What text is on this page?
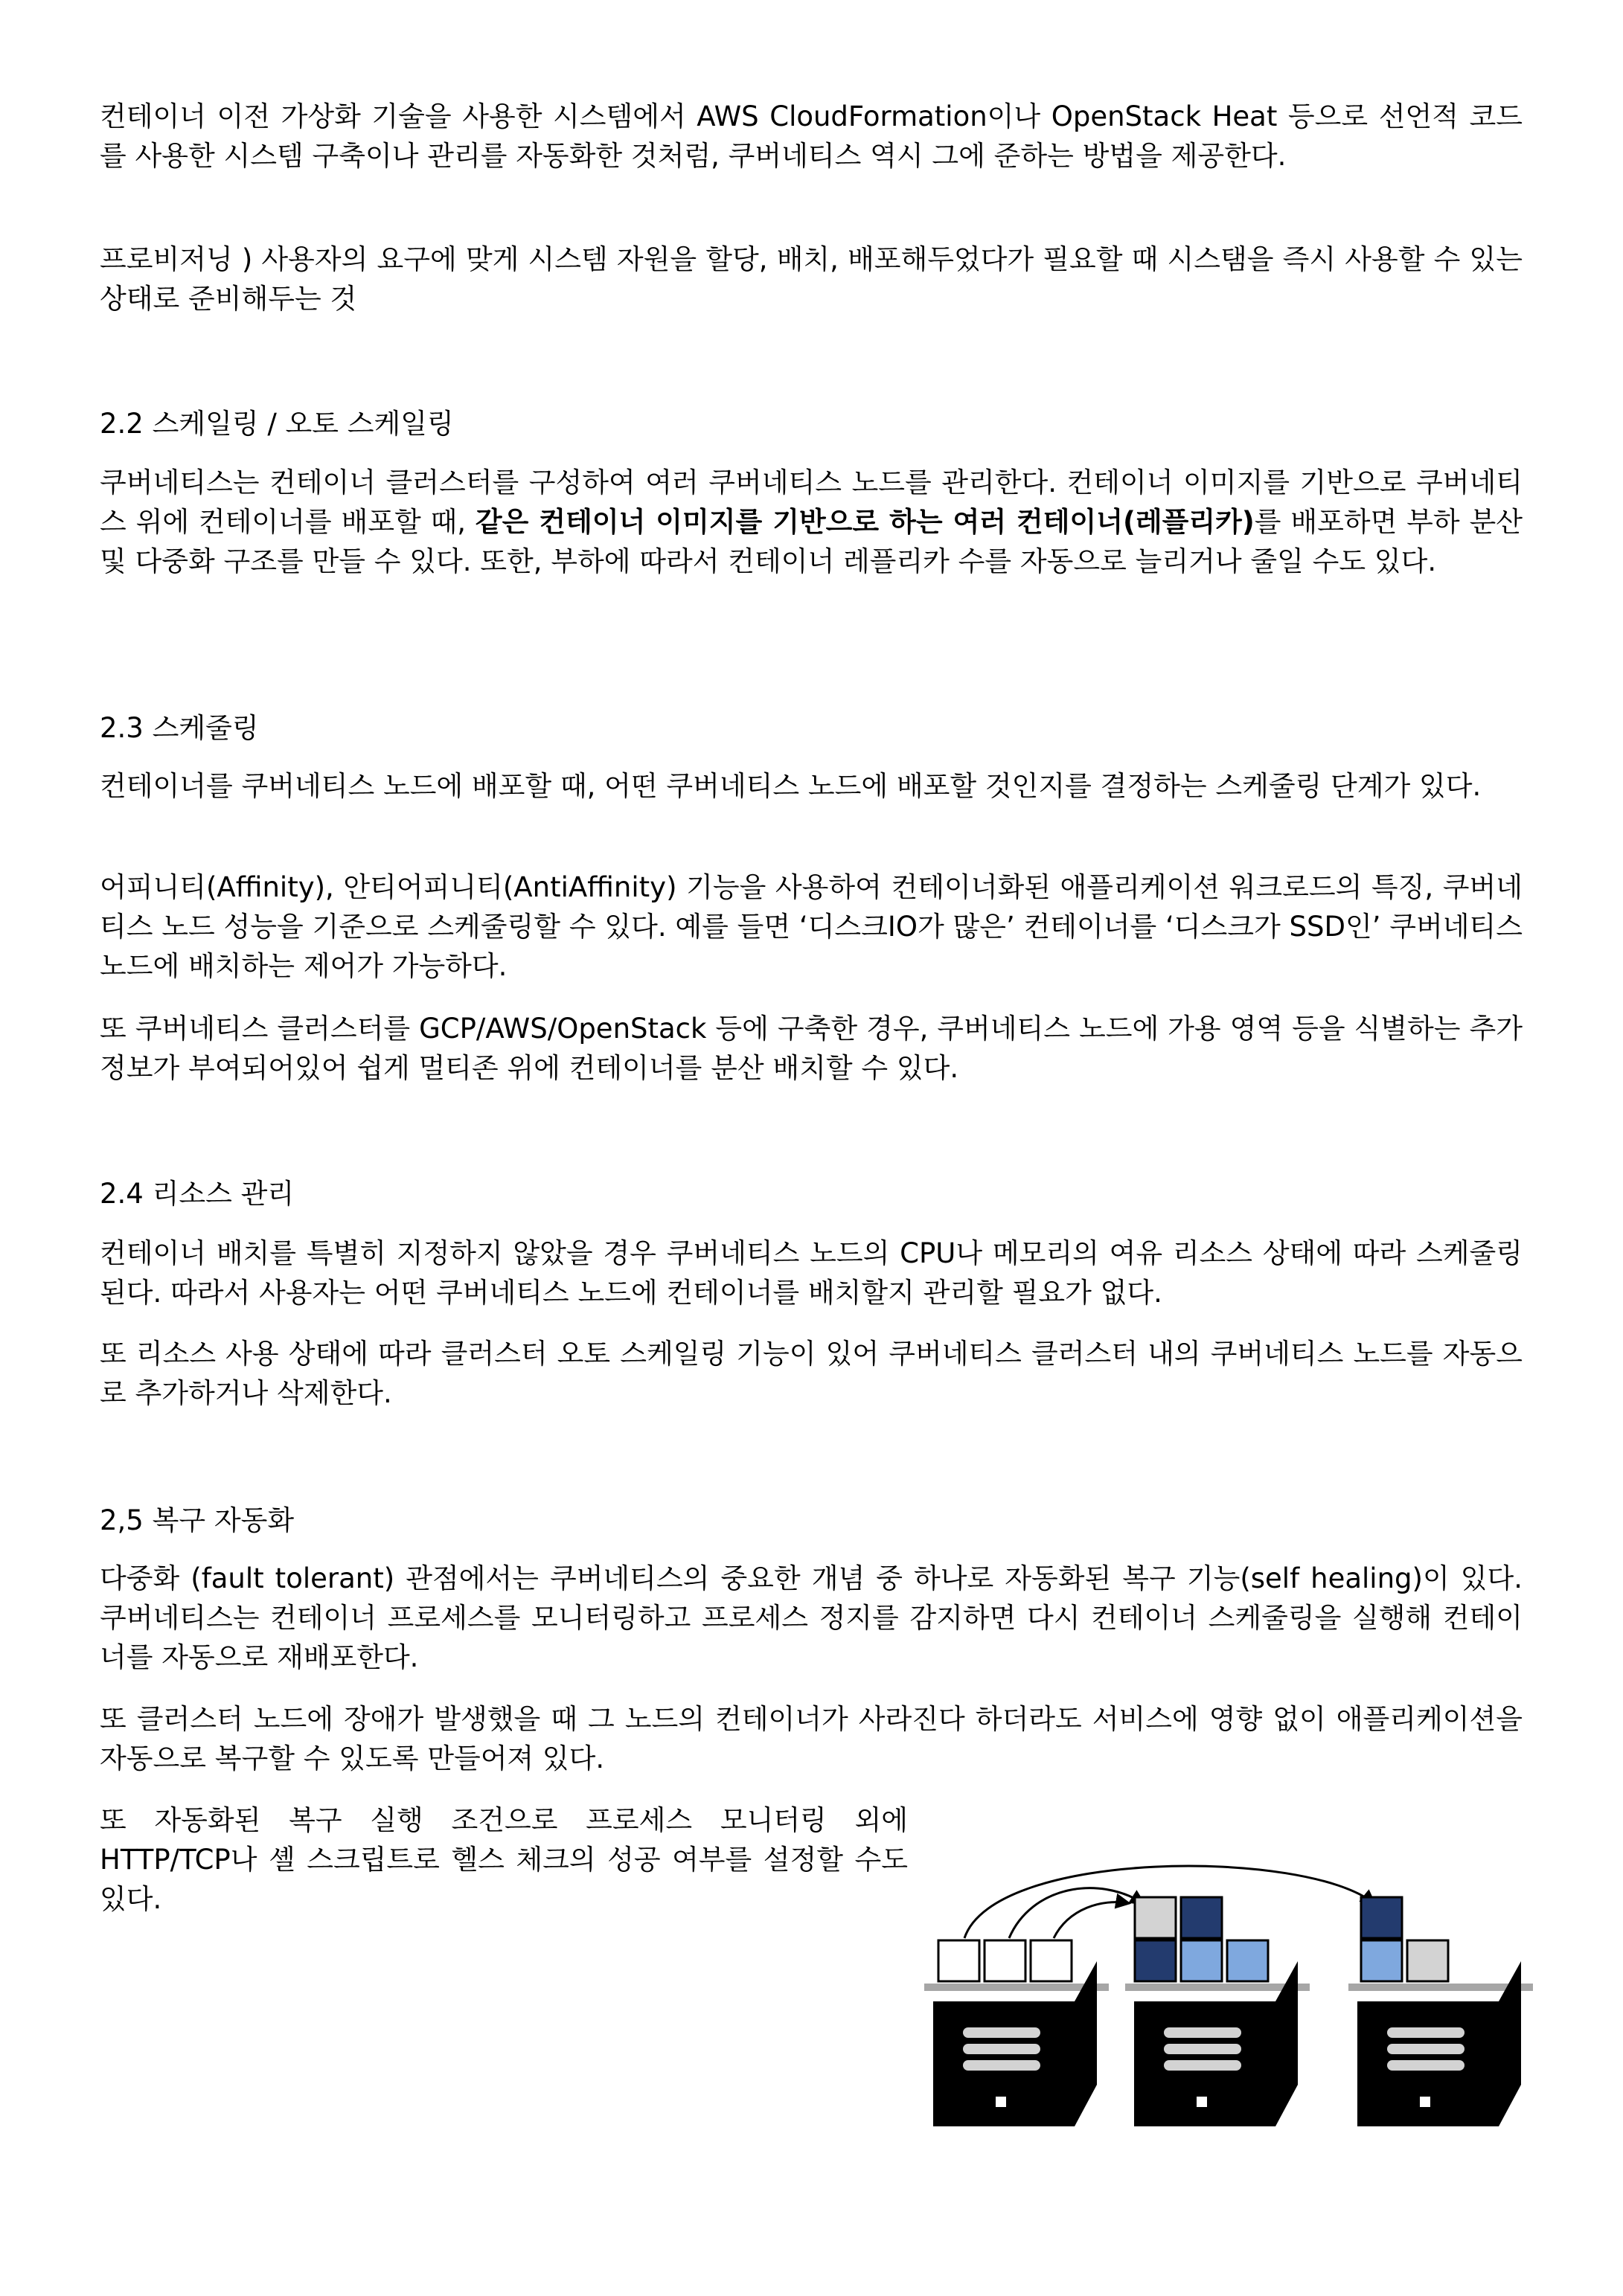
컨테이너 이전 가상화 기술을 사용한 시스템에서 AWS CloudFormation이나 OpenStack Heat 등으로 선언적 코드를 사용한 시스템 구축이나 관리를 자동화한 것처럼, 쿠버네티스 역시 그에 준하는 방법을 제공한다.

프로비저닝 ) 사용자의 요구에 맞게 시스템 자원을 할당, 배치, 배포해두었다가 필요할 때 시스탬을 즉시 사용할 수 있는 상태로 준비해두는 것

2.2 스케일링 / 오토 스케일링

쿠버네티스는 컨테이너 클러스터를 구성하여 여러 쿠버네티스 노드를 관리한다. 컨테이너 이미지를 기반으로 쿠버네티스 위에 컨테이너를 배포할 때, 같은 컨테이너 이미지를 기반으로 하는 여러 컨테이너(레플리카)를 배포하면 부하 분산 및 다중화 구조를 만들 수 있다. 또한, 부하에 따라서 컨테이너 레플리카 수를 자동으로 늘리거나 줄일 수도 있다.

2.3 스케줄링

컨테이너를 쿠버네티스 노드에 배포할 때, 어떤 쿠버네티스 노드에 배포할 것인지를 결정하는 스케줄링 단계가 있다.

어피니티(Affinity), 안티어피니티(AntiAffinity) 기능을 사용하여 컨테이너화된 애플리케이션 워크로드의 특징, 쿠버네티스 노드 성능을 기준으로 스케줄링할 수 있다. 예를 들면 ‘디스크IO가 많은’ 컨테이너를 ‘디스크가 SSD인’ 쿠버네티스 노드에 배치하는 제어가 가능하다.

또 쿠버네티스 클러스터를 GCP/AWS/OpenStack 등에 구축한 경우, 쿠버네티스 노드에 가용 영역 등을 식별하는 추가 정보가 부여되어있어 쉽게 멀티존 위에 컨테이너를 분산 배치할 수 있다.

2.4 리소스 관리

컨테이너 배치를 특별히 지정하지 않았을 경우 쿠버네티스 노드의 CPU나 메모리의 여유 리소스 상태에 따라 스케줄링된다. 따라서 사용자는 어떤 쿠버네티스 노드에 컨테이너를 배치할지 관리할 필요가 없다.

또 리소스 사용 상태에 따라 클러스터 오토 스케일링 기능이 있어 쿠버네티스 클러스터 내의 쿠버네티스 노드를 자동으로 추가하거나 삭제한다.

2,5 복구 자동화

다중화 (fault tolerant) 관점에서는 쿠버네티스의 중요한 개념 중 하나로 자동화된 복구 기능(self healing)이 있다. 쿠버네티스는 컨테이너 프로세스를 모니터링하고 프로세스 정지를 감지하면 다시 컨테이너 스케줄링을 실행해 컨테이너를 자동으로 재배포한다.

또 클러스터 노드에 장애가 발생했을 때 그 노드의 컨테이너가 사라진다 하더라도 서비스에 영향 없이 애플리케이션을 자동으로 복구할 수 있도록 만들어져 있다.

또 자동화된 복구 실행 조건으로 프로세스 모니터링 외에 HTTP/TCP나 셸 스크립트로 헬스 체크의 성공 여부를 설정할 수도 있다.
